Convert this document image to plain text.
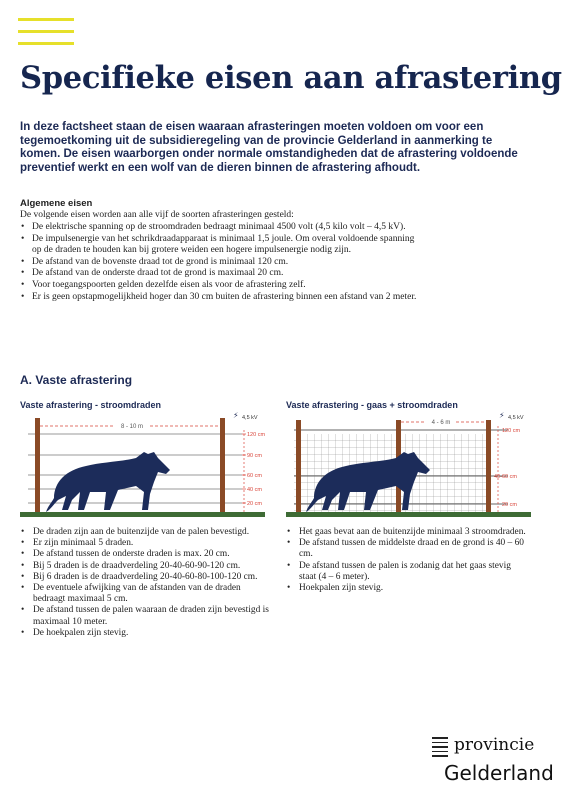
Specifieke eisen aan afrastering

In deze factsheet staan de eisen waaraan afrasteringen moeten voldoen om voor een tegemoetkoming uit de subsidieregeling van de provincie Gelderland in aanmerking te komen. De eisen waarborgen onder normale omstandigheden dat de afrastering voldoende preventief werkt en een wolf van de dieren binnen de afrastering afhoudt.

Algemene eisen

De volgende eisen worden aan alle vijf de soorten afrasteringen gesteld:

• De elektrische spanning op de stroomdraden bedraagt minimaal 4500 volt (4,5 kilo volt – 4,5 kV).
• De impulsenergie van het schrikdraadapparaat is minimaal 1,5 joule. Om overal voldoende spanning op de draden te houden kan bij grotere weiden een hogere impulsenergie nodig zijn.
• De afstand van de bovenste draad tot de grond is minimaal 120 cm.
• De afstand van de onderste draad tot de grond is maximaal 20 cm.
• Voor toegangspoorten gelden dezelfde eisen als voor de afrastering zelf.
• Er is geen opstapmogelijkheid hoger dan 30 cm buiten de afrastering binnen een afstand van 2 meter.

A. Vaste afrastering

Vaste afrastering - stroomdraden
8 - 10 m
⚡ 4,5 kV
120 cm
90 cm
60 cm
40 cm
20 cm
Vaste afrastering - gaas + stroomdraden
4 - 6 m
⚡ 4,5 kV
120 cm
40-60 cm
20 cm
• De draden zijn aan de buitenzijde van de palen bevestigd.
• Er zijn minimaal 5 draden.
• De afstand tussen de onderste draden is max. 20 cm.
• Bij 5 draden is de draadverdeling 20-40-60-90-120 cm.
• Bij 6 draden is de draadverdeling 20-40-60-80-100-120 cm.
• De eventuele afwijking van de afstanden van de draden bedraagt maximaal 5 cm.
• De afstand tussen de palen waaraan de draden zijn bevestigd is maximaal 10 meter.
• De hoekpalen zijn stevig.
• Het gaas bevat aan de buitenzijde minimaal 3 stroomdraden.
• De afstand tussen de middelste draad en de grond is 40 – 60 cm.
• De afstand tussen de palen is zodanig dat het gaas stevig staat (4 – 6 meter).
• Hoekpalen zijn stevig.
provincie
Gelderland
